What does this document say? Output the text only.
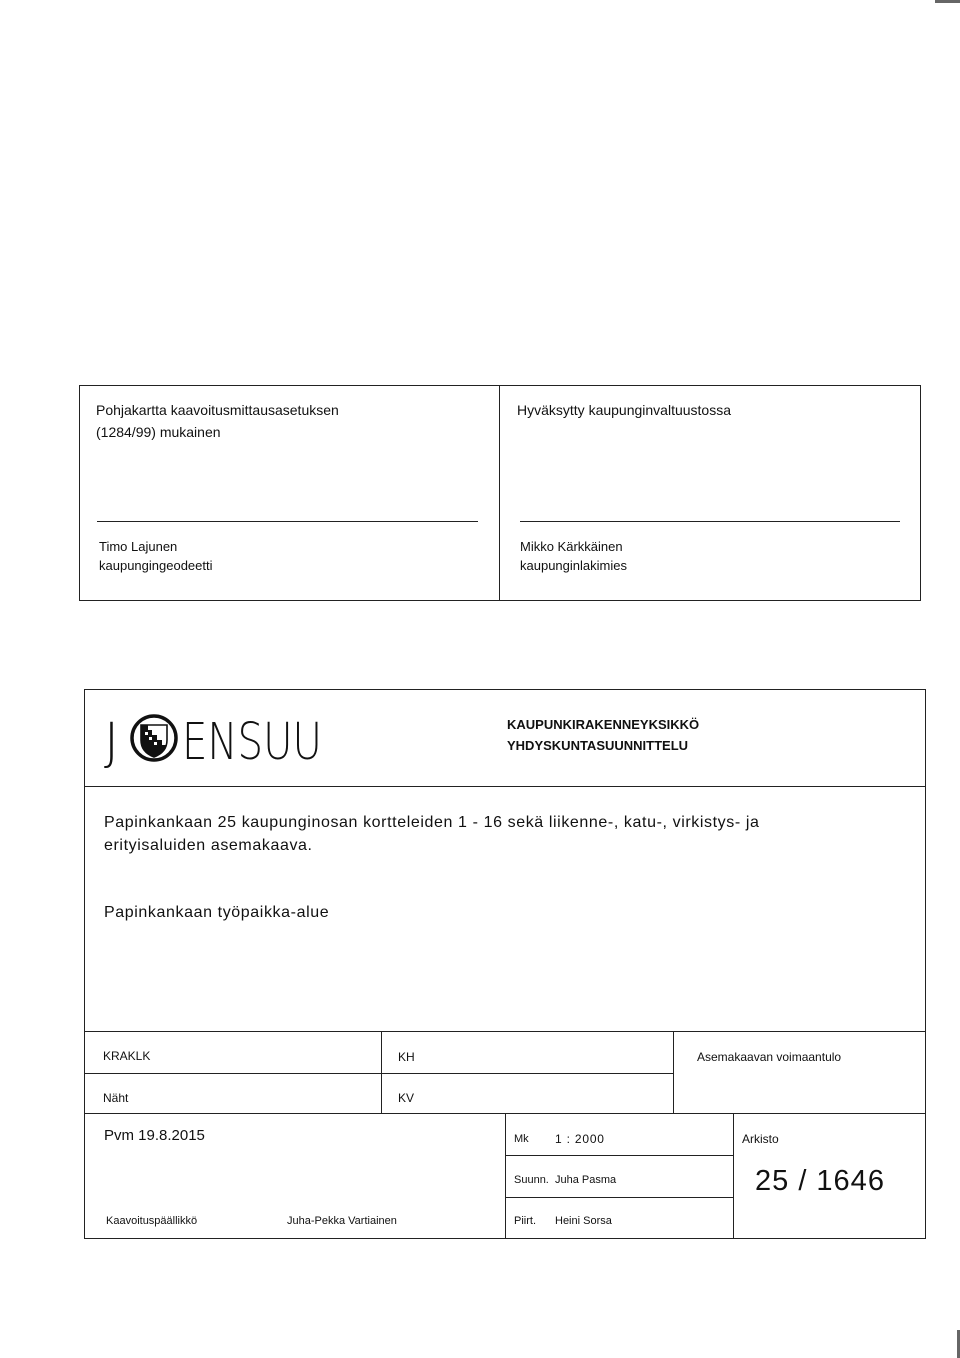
Pohjakartta kaavoitusmittausasetuksen
(1284/99) mukainen
Hyväksytty kaupunginvaltuustossa
Timo Lajunen
kaupungingeodeetti
Mikko Kärkkäinen
kaupunginlakimies
J ENSUU	KAUPUNKIRAKENNEYKSIKKÖ
YHDYSKUNTASUUNNITTELU
Papinkankaan 25 kaupunginosan kortteleiden 1 - 16 sekä liikenne-, katu-, virkistys- ja
erityisaluiden asemakaava.
Papinkankaan työpaikka-alue
KRAKLK	KH	Asemakaavan voimaantulo
Näht	KV
Pvm 19.8.2015	Mk 1 : 2000	Arkisto
25 / 1646
Suunn. Juha Pasma
Kaavoituspäällikkö	Juha-Pekka Vartiainen	Piirt. Heini Sorsa
